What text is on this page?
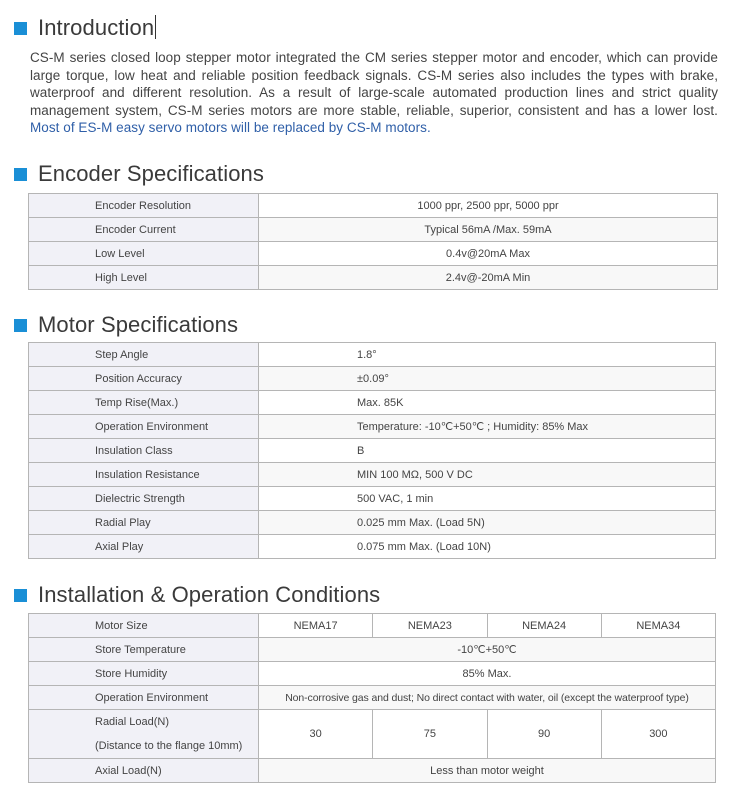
Introduction

CS-M series closed loop stepper motor integrated the CM series stepper motor and encoder, which can provide large torque, low heat and reliable position feedback signals. CS-M series also includes the types with brake, waterproof and different resolution. As a result of large-scale automated production lines and strict quality management system, CS-M series motors are more stable, reliable, superior, consistent and has a lower lost. Most of ES-M easy servo motors will be replaced by CS-M motors.

Encoder Specifications
Encoder Resolution	1000 ppr, 2500 ppr, 5000 ppr
Encoder Current	Typical 56mA /Max. 59mA
Low Level	0.4v@20mA Max
High Level	2.4v@-20mA Min
Motor Specifications
Step Angle	1.8°
Position Accuracy	±0.09°
Temp Rise(Max.)	Max. 85K
Operation Environment	Temperature: -10℃+50℃ ; Humidity: 85% Max
Insulation Class	B
Insulation Resistance	MIN 100 MΩ, 500 V DC
Dielectric Strength	500 VAC, 1 min
Radial Play	0.025 mm Max. (Load 5N)
Axial Play	0.075 mm Max. (Load 10N)
Installation & Operation Conditions
Motor Size	NEMA17	NEMA23	NEMA24	NEMA34
Store Temperature	-10℃+50℃			
Store Humidity	85% Max.			
Operation Environment	Non-corrosive gas and dust; No direct contact with water, oil (except the waterproof type)			

Radial Load(N)
(Distance to the flange 10mm)	30	75	90	300
Axial Load(N)	Less than motor weight			
